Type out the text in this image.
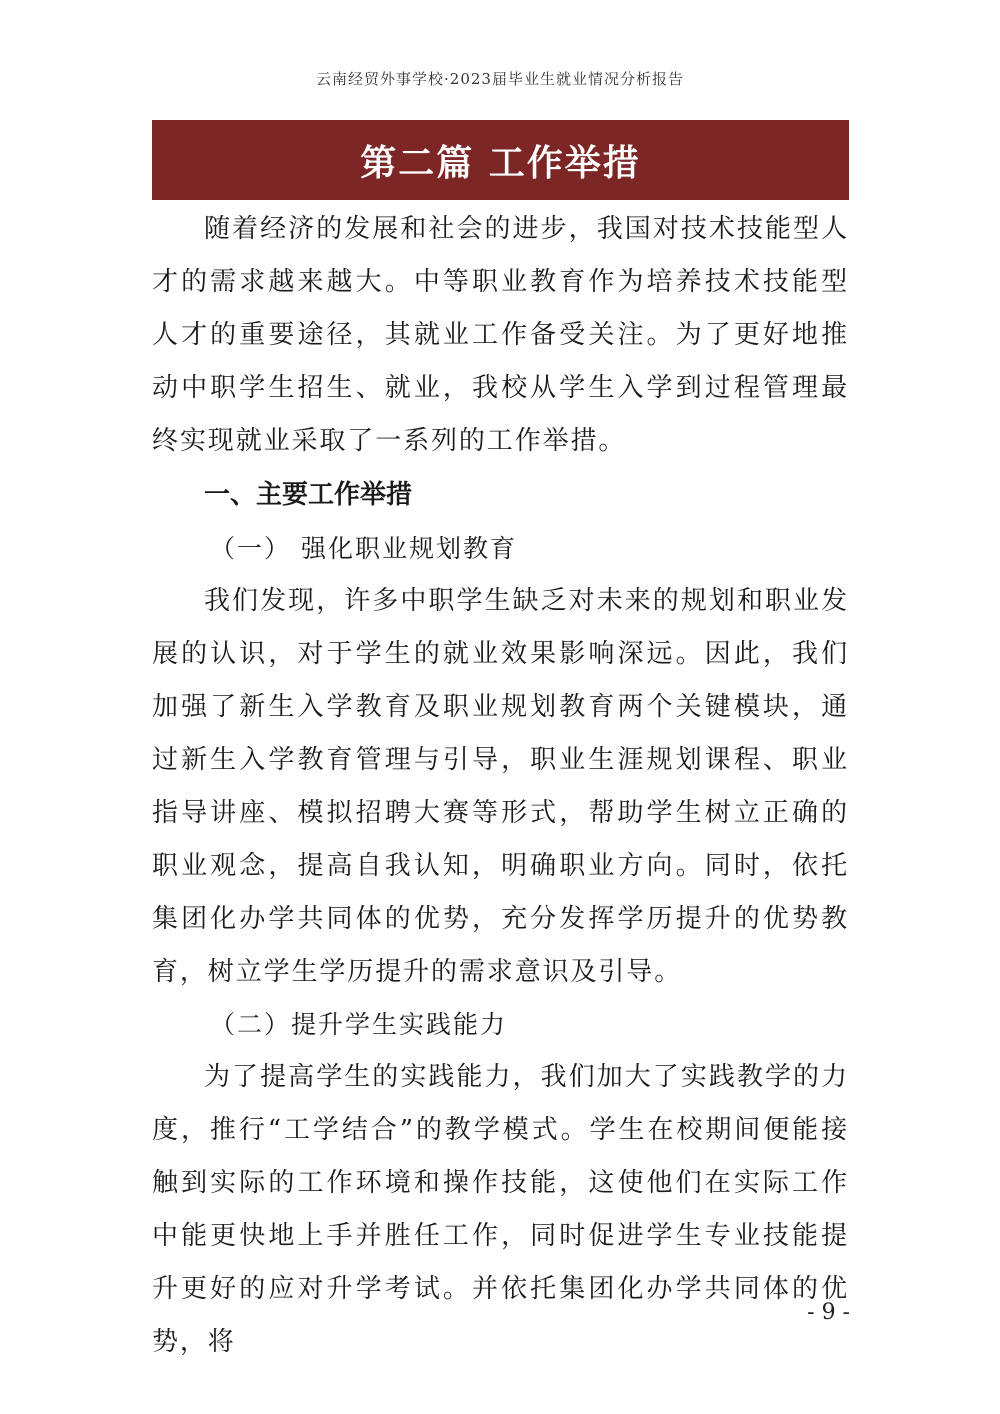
云南经贸外事学校·2023届毕业生就业情况分析报告
第二篇 工作举措

随着经济的发展和社会的进步，我国对技术技能型人才的需求越来越大。中等职业教育作为培养技术技能型人才的重要途径，其就业工作备受关注。为了更好地推动中职学生招生、就业，我校从学生入学到过程管理最终实现就业采取了一系列的工作举措。

一、主要工作举措
（一） 强化职业规划教育

我们发现，许多中职学生缺乏对未来的规划和职业发展的认识，对于学生的就业效果影响深远。因此，我们加强了新生入学教育及职业规划教育两个关键模块，通过新生入学教育管理与引导，职业生涯规划课程、职业指导讲座、模拟招聘大赛等形式，帮助学生树立正确的职业观念，提高自我认知，明确职业方向。同时，依托集团化办学共同体的优势，充分发挥学历提升的优势教育，树立学生学历提升的需求意识及引导。

（二）提升学生实践能力

为了提高学生的实践能力，我们加大了实践教学的力度，推行“工学结合”的教学模式。学生在校期间便能接触到实际的工作环境和操作技能，这使他们在实际工作中能更快地上手并胜任工作，同时促进学生专业技能提升更好的应对升学考试。并依托集团化办学共同体的优势，将

- 9 -
